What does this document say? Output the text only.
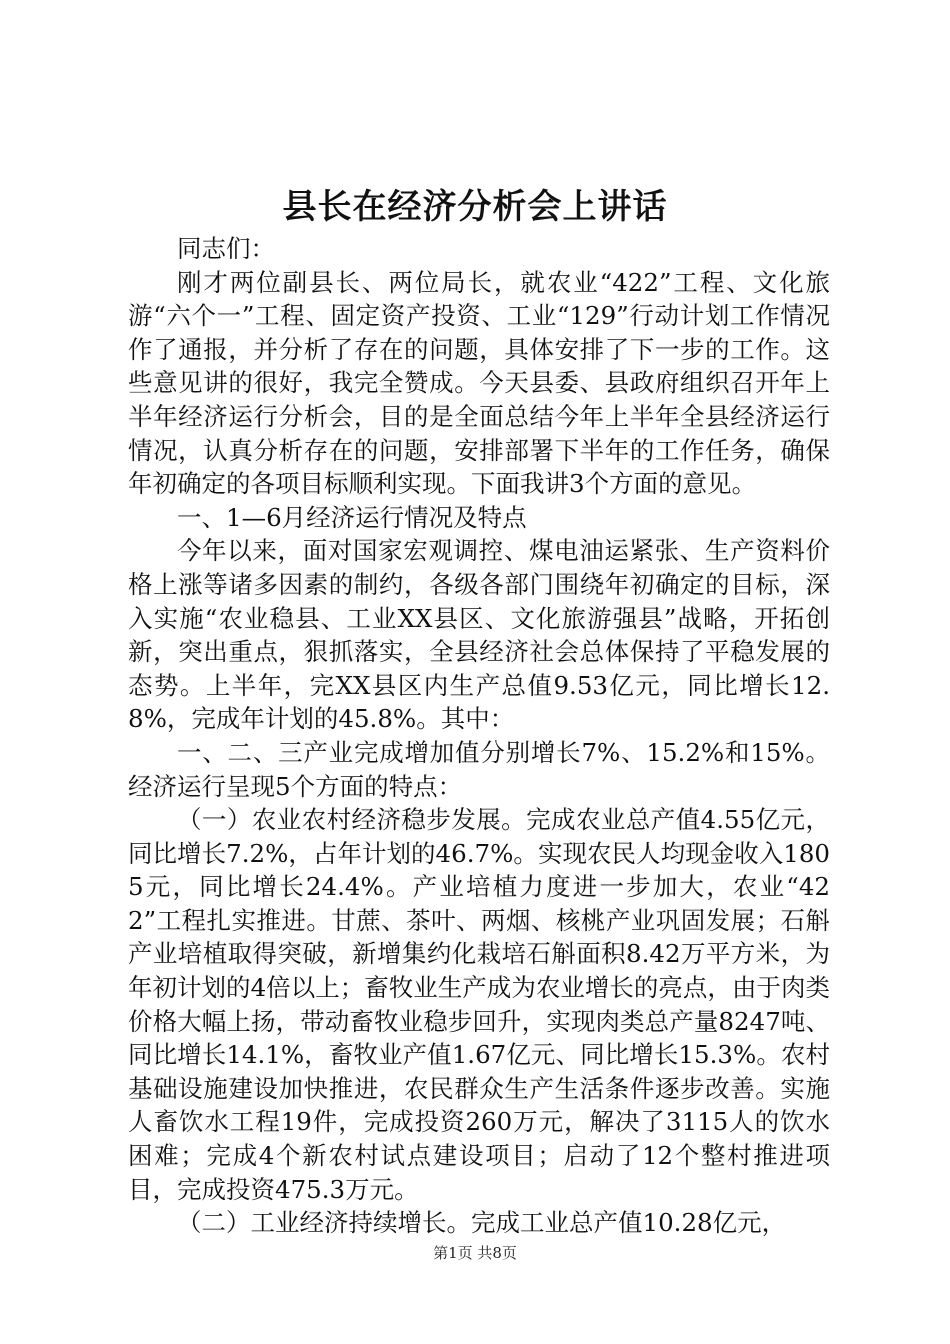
县长在经济分析会上讲话

同志们：

刚才两位副县长、两位局长，就农业“422”工程、文化旅游“六个一”工程、固定资产投资、工业“129”行动计划工作情况作了通报，并分析了存在的问题，具体安排了下一步的工作。这些意见讲的很好，我完全赞成。今天县委、县政府组织召开年上半年经济运行分析会，目的是全面总结今年上半年全县经济运行情况，认真分析存在的问题，安排部署下半年的工作任务，确保年初确定的各项目标顺利实现。下面我讲3个方面的意见。

一、1—6月经济运行情况及特点

今年以来，面对国家宏观调控、煤电油运紧张、生产资料价格上涨等诸多因素的制约，各级各部门围绕年初确定的目标，深入实施“农业稳县、工业XX县区、文化旅游强县”战略，开拓创新，突出重点，狠抓落实，全县经济社会总体保持了平稳发展的态势。上半年，完XX县区内生产总值9.53亿元，同比增长12.8%，完成年计划的45.8%。其中：

一、二、三产业完成增加值分别增长7%、15.2%和15%。经济运行呈现5个方面的特点：

（一）农业农村经济稳步发展。完成农业总产值4.55亿元，同比增长7.2%，占年计划的46.7%。实现农民人均现金收入1805元，同比增长24.4%。产业培植力度进一步加大，农业“422”工程扎实推进。甘蔗、茶叶、两烟、核桃产业巩固发展；石斛产业培植取得突破，新增集约化栽培石斛面积8.42万平方米，为年初计划的4倍以上；畜牧业生产成为农业增长的亮点，由于肉类价格大幅上扬，带动畜牧业稳步回升，实现肉类总产量8247吨、同比增长14.1%，畜牧业产值1.67亿元、同比增长15.3%。农村基础设施建设加快推进，农民群众生产生活条件逐步改善。实施人畜饮水工程19件，完成投资260万元，解决了3115人的饮水困难；完成4个新农村试点建设项目；启动了12个整村推进项目，完成投资475.3万元。

（二）工业经济持续增长。完成工业总产值10.28亿元，

第1页 共8页
